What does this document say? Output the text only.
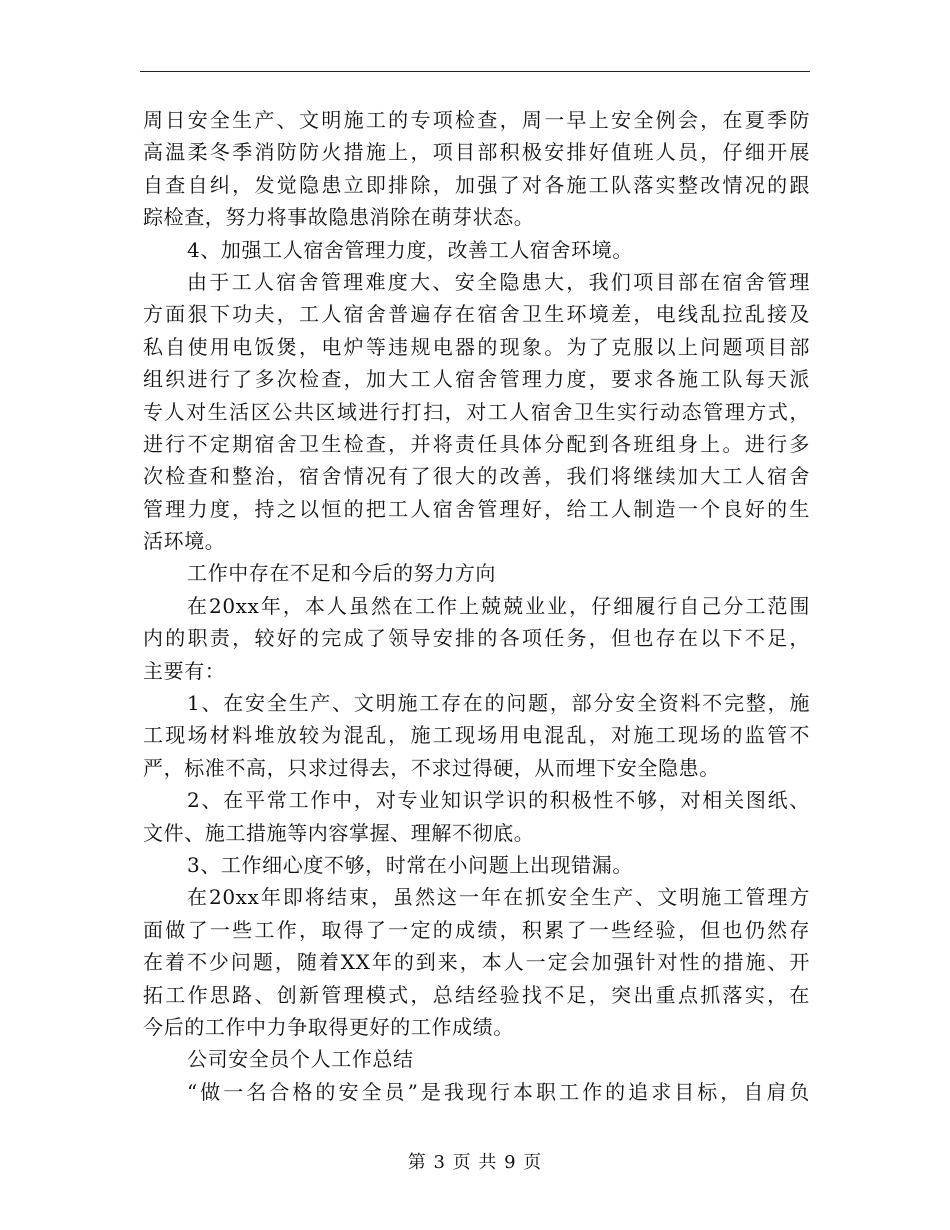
周日安全生产、文明施工的专项检查，周一早上安全例会，在夏季防
高温柔冬季消防防火措施上，项目部积极安排好值班人员，仔细开展
自查自纠，发觉隐患立即排除，加强了对各施工队落实整改情况的跟
踪检查，努力将事故隐患消除在萌芽状态。
4、加强工人宿舍管理力度，改善工人宿舍环境。
由于工人宿舍管理难度大、安全隐患大，我们项目部在宿舍管理
方面狠下功夫，工人宿舍普遍存在宿舍卫生环境差，电线乱拉乱接及
私自使用电饭煲，电炉等违规电器的现象。为了克服以上问题项目部
组织进行了多次检查，加大工人宿舍管理力度，要求各施工队每天派
专人对生活区公共区域进行打扫，对工人宿舍卫生实行动态管理方式，
进行不定期宿舍卫生检查，并将责任具体分配到各班组身上。进行多
次检查和整治，宿舍情况有了很大的改善，我们将继续加大工人宿舍
管理力度，持之以恒的把工人宿舍管理好，给工人制造一个良好的生
活环境。
工作中存在不足和今后的努力方向
在20xx年，本人虽然在工作上兢兢业业，仔细履行自己分工范围
内的职责，较好的完成了领导安排的各项任务，但也存在以下不足，
主要有：
1、在安全生产、文明施工存在的问题，部分安全资料不完整，施
工现场材料堆放较为混乱，施工现场用电混乱，对施工现场的监管不
严，标准不高，只求过得去，不求过得硬，从而埋下安全隐患。
2、在平常工作中，对专业知识学识的积极性不够，对相关图纸、
文件、施工措施等内容掌握、理解不彻底。
3、工作细心度不够，时常在小问题上出现错漏。
在20xx年即将结束，虽然这一年在抓安全生产、文明施工管理方
面做了一些工作，取得了一定的成绩，积累了一些经验，但也仍然存
在着不少问题，随着XX年的到来，本人一定会加强针对性的措施、开
拓工作思路、创新管理模式，总结经验找不足，突出重点抓落实，在
今后的工作中力争取得更好的工作成绩。
公司安全员个人工作总结
“做一名合格的安全员”是我现行本职工作的追求目标，自肩负
第 3 页 共 9 页
